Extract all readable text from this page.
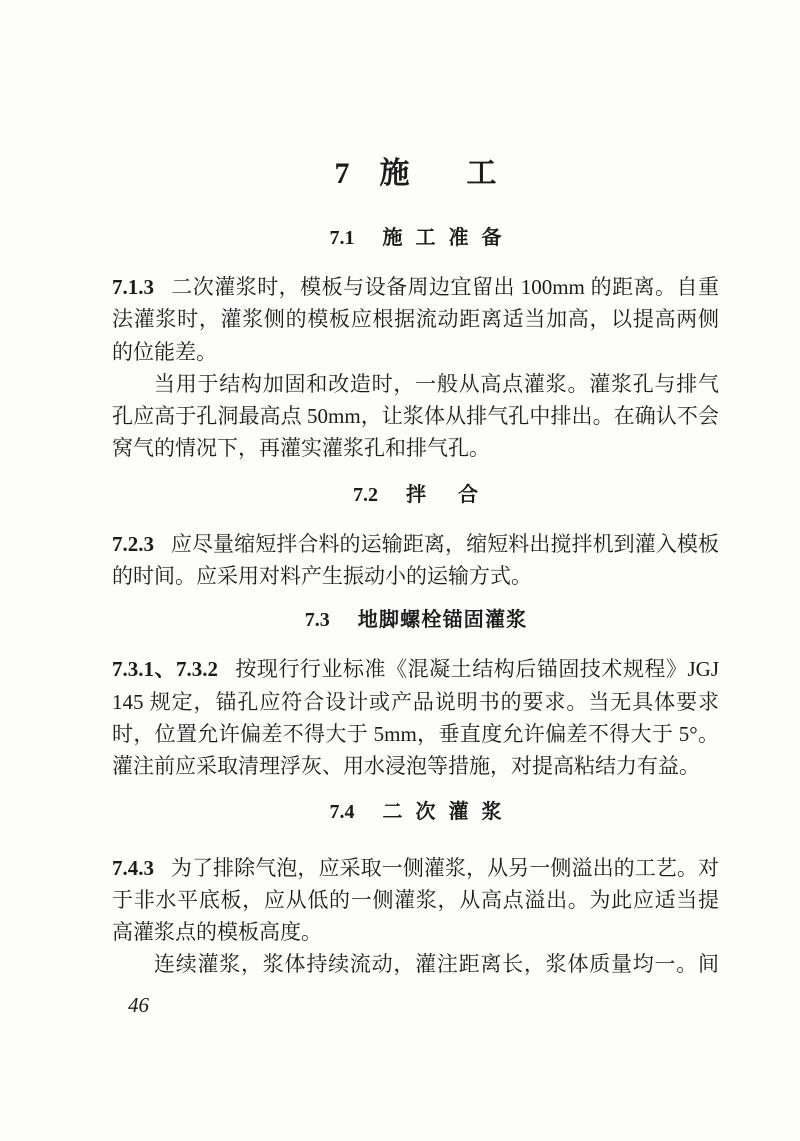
7 施工
7.1 施工准备

7.1.3 二次灌浆时，模板与设备周边宜留出 100mm 的距离。自重法灌浆时，灌浆侧的模板应根据流动距离适当加高，以提高两侧的位能差。

当用于结构加固和改造时，一般从高点灌浆。灌浆孔与排气孔应高于孔洞最高点 50mm，让浆体从排气孔中排出。在确认不会窝气的情况下，再灌实灌浆孔和排气孔。

7.2 拌合

7.2.3 应尽量缩短拌合料的运输距离，缩短料出搅拌机到灌入模板的时间。应采用对料产生振动小的运输方式。

7.3 地脚螺栓锚固灌浆

7.3.1、7.3.2 按现行行业标准《混凝土结构后锚固技术规程》JGJ 145 规定，锚孔应符合设计或产品说明书的要求。当无具体要求时，位置允许偏差不得大于 5mm，垂直度允许偏差不得大于 5°。灌注前应采取清理浮灰、用水浸泡等措施，对提高粘结力有益。

7.4 二次灌浆

7.4.3 为了排除气泡，应采取一侧灌浆，从另一侧溢出的工艺。对于非水平底板，应从低的一侧灌浆，从高点溢出。为此应适当提高灌浆点的模板高度。

连续灌浆，浆体持续流动，灌注距离长，浆体质量均一。间

46
